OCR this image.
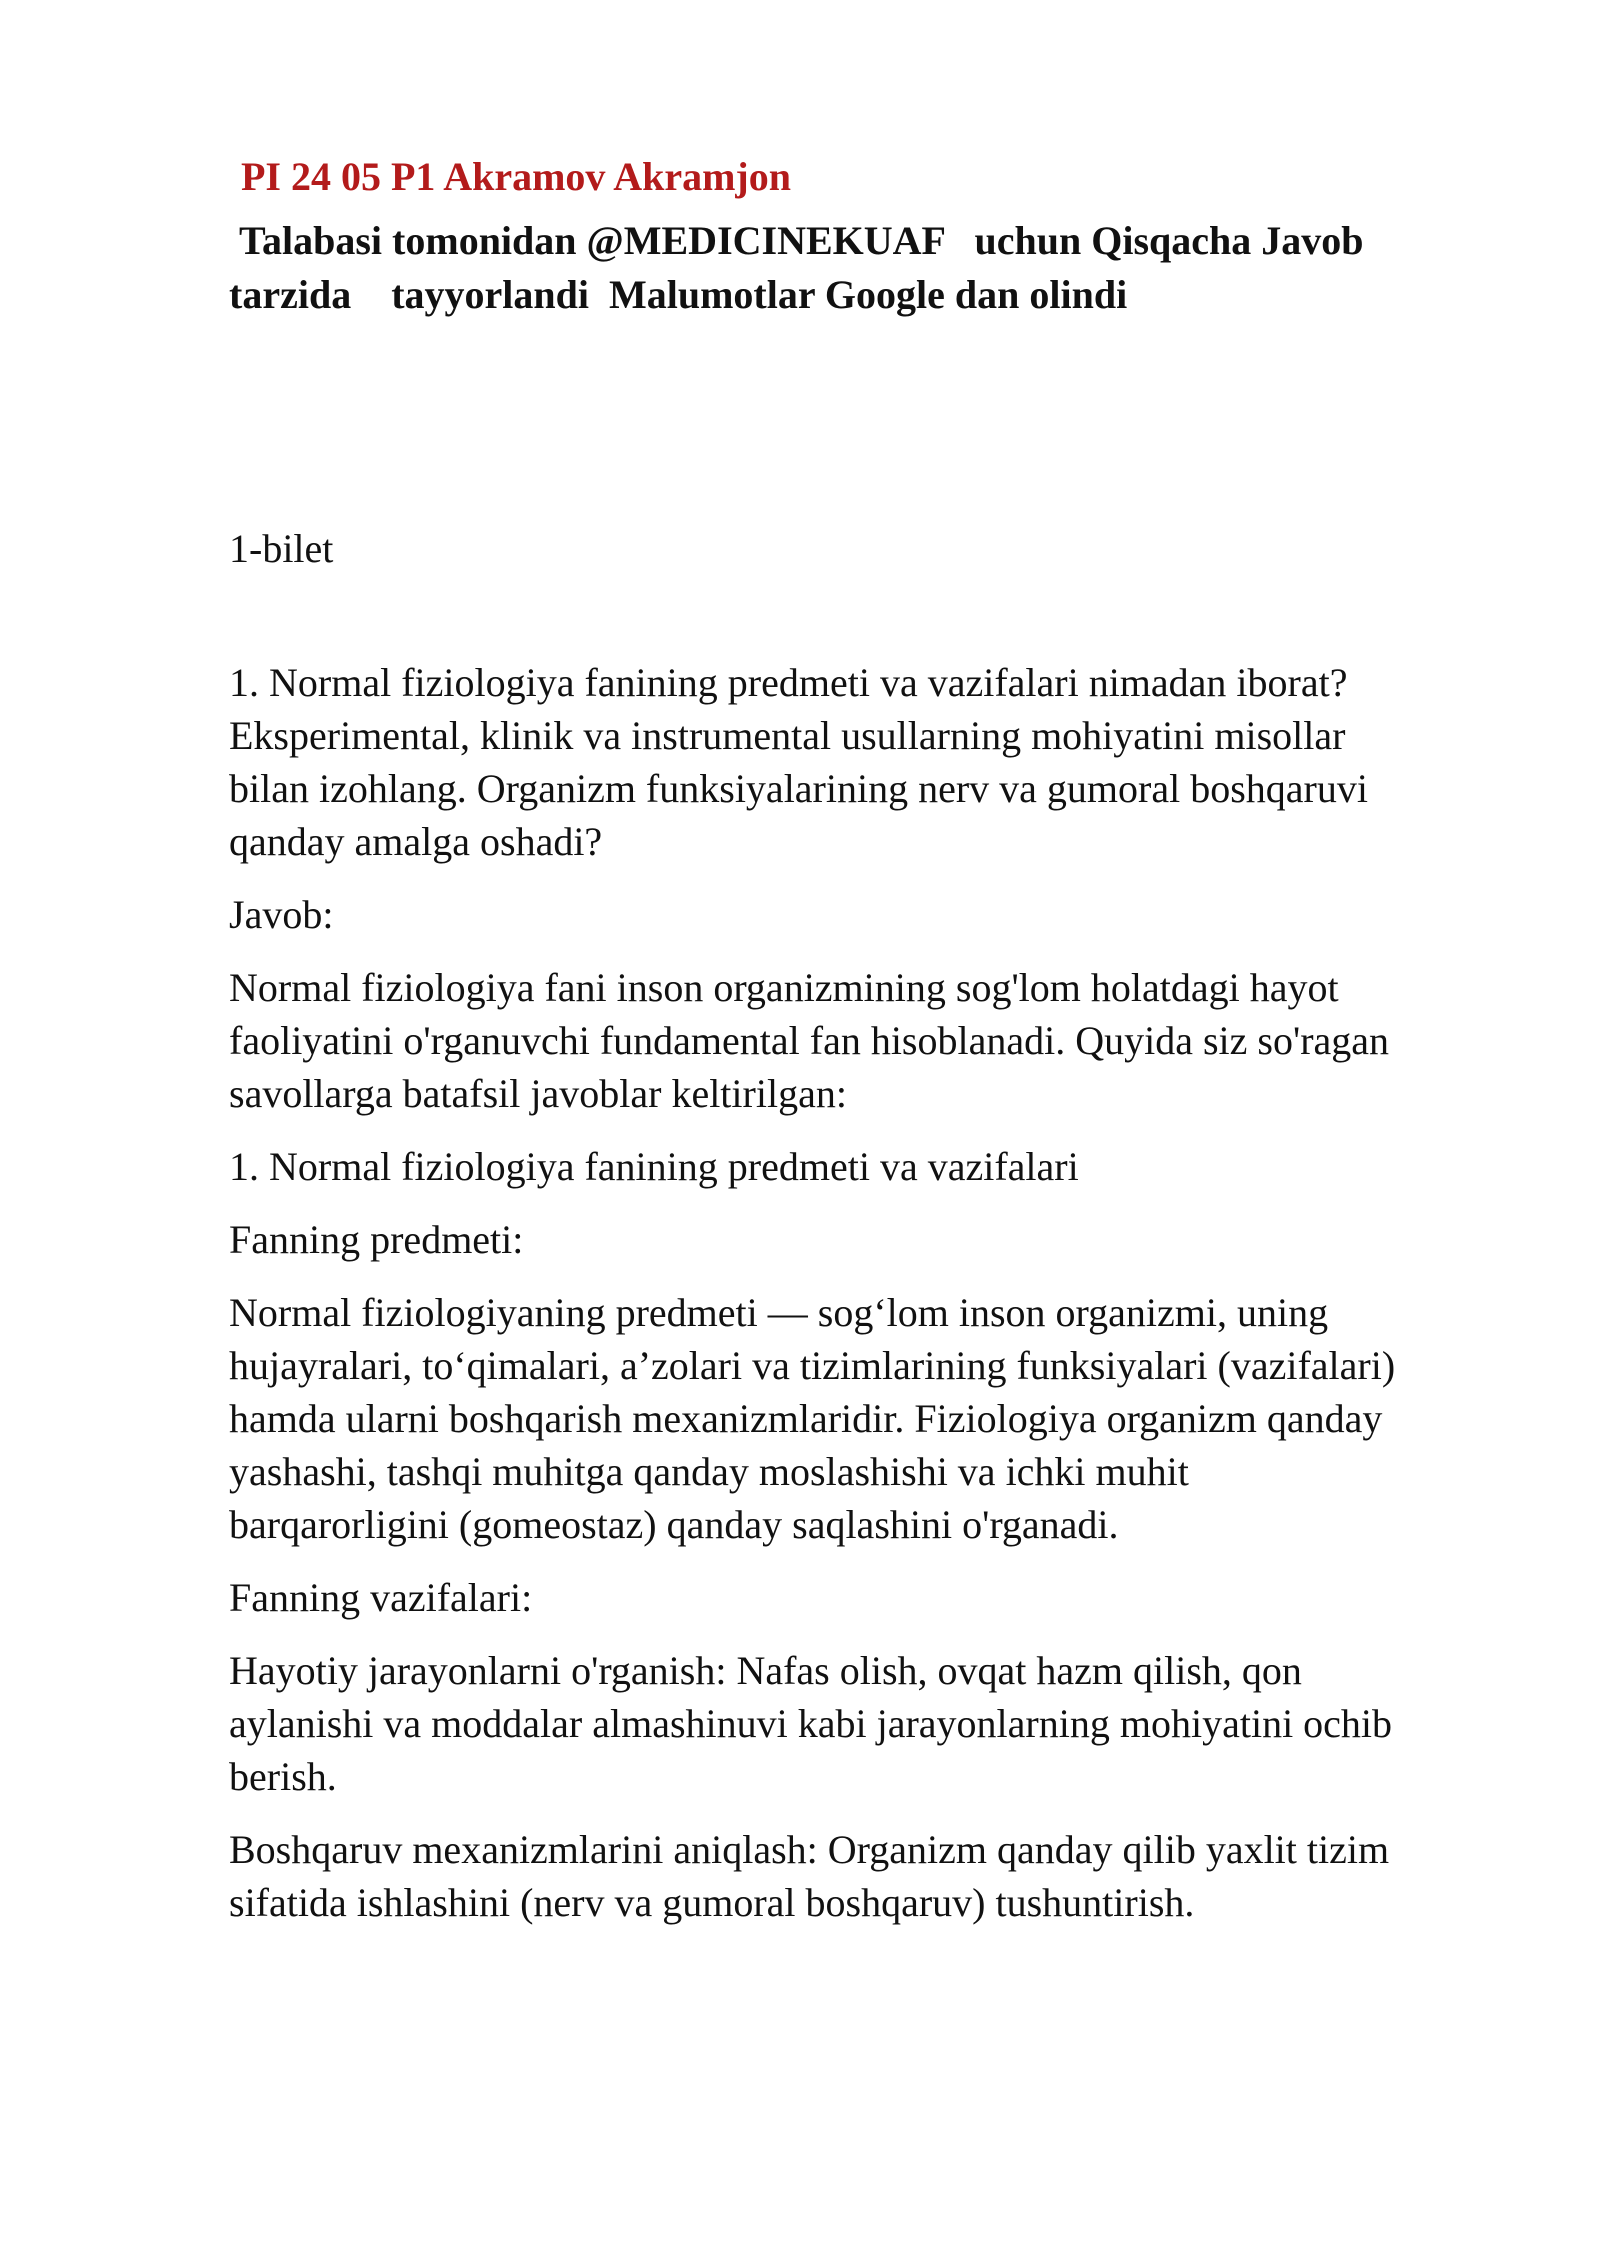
PI 24 05 P1 Akramov Akramjon
Talabasi tomonidan @MEDICINEKUAF   uchun Qisqacha Javob
tarzida    tayyorlandi  Malumotlar Google dan olindi
1-bilet
1. Normal fiziologiya fanining predmeti va vazifalari nimadan iborat?
Eksperimental, klinik va instrumental usullarning mohiyatini misollar
bilan izohlang. Organizm funksiyalarining nerv va gumoral boshqaruvi
qanday amalga oshadi?
Javob:
Normal fiziologiya fani inson organizmining sog'lom holatdagi hayot
faoliyatini o'rganuvchi fundamental fan hisoblanadi. Quyida siz so'ragan
savollarga batafsil javoblar keltirilgan:
1. Normal fiziologiya fanining predmeti va vazifalari
Fanning predmeti:
Normal fiziologiyaning predmeti — sog‘lom inson organizmi, uning
hujayralari, to‘qimalari, a’zolari va tizimlarining funksiyalari (vazifalari)
hamda ularni boshqarish mexanizmlaridir. Fiziologiya organizm qanday
yashashi, tashqi muhitga qanday moslashishi va ichki muhit
barqarorligini (gomeostaz) qanday saqlashini o'rganadi.
Fanning vazifalari:
Hayotiy jarayonlarni o'rganish: Nafas olish, ovqat hazm qilish, qon
aylanishi va moddalar almashinuvi kabi jarayonlarning mohiyatini ochib
berish.
Boshqaruv mexanizmlarini aniqlash: Organizm qanday qilib yaxlit tizim
sifatida ishlashini (nerv va gumoral boshqaruv) tushuntirish.
